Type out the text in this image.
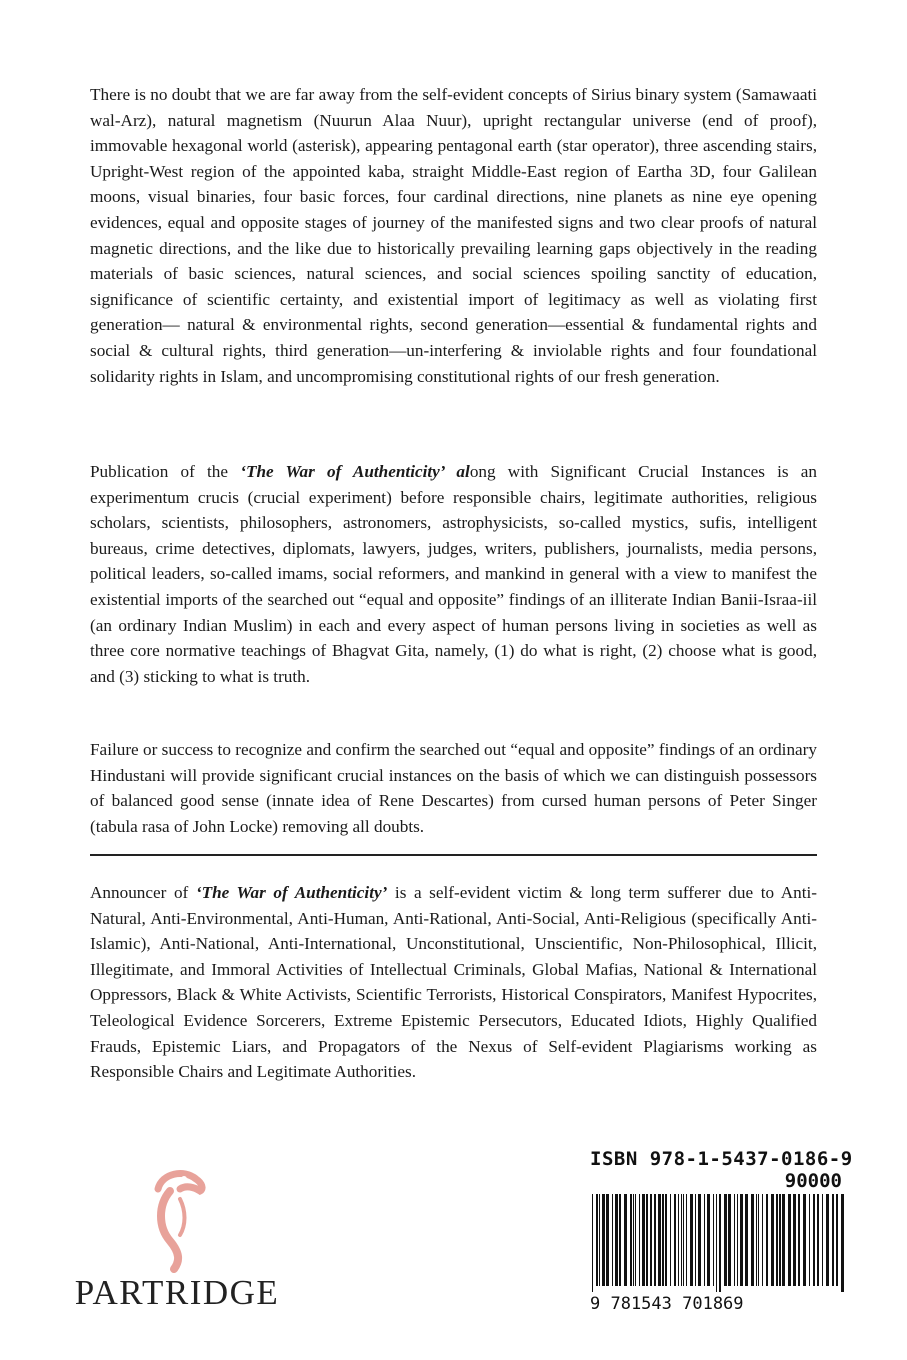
There is no doubt that we are far away from the self-evident concepts of Sirius binary system (Samawaati wal-Arz), natural magnetism (Nuurun Alaa Nuur), upright rectangular universe (end of proof), immovable hexagonal world (asterisk), appearing pentagonal earth (star operator), three ascending stairs, Upright-West region of the appointed kaba, straight Middle-East region of Eartha 3D, four Galilean moons, visual binaries, four basic forces, four cardinal directions, nine planets as nine eye opening evidences, equal and opposite stages of journey of the manifested signs and two clear proofs of natural magnetic directions, and the like due to historically prevailing learning gaps objectively in the reading materials of basic sciences, natural sciences, and social sciences spoiling sanctity of education, significance of scientific certainty, and existential import of legitimacy as well as violating first generation— natural & environmental rights, second generation—essential & fundamental rights and social & cultural rights, third generation—un-interfering & inviolable rights and four foundational solidarity rights in Islam, and uncompromising constitutional rights of our fresh generation.

Publication of the ‘The War of Authenticity’ along with Significant Crucial Instances is an experimentum crucis (crucial experiment) before responsible chairs, legitimate authorities, religious scholars, scientists, philosophers, astronomers, astrophysicists, so-called mystics, sufis, intelligent bureaus, crime detectives, diplomats, lawyers, judges, writers, publishers, journalists, media persons, political leaders, so-called imams, social reformers, and mankind in general with a view to manifest the existential imports of the searched out “equal and opposite” findings of an illiterate Indian Banii-Israa-iil (an ordinary Indian Muslim) in each and every aspect of human persons living in societies as well as three core normative teachings of Bhagvat Gita, namely, (1) do what is right, (2) choose what is good, and (3) sticking to what is truth.

Failure or success to recognize and confirm the searched out “equal and opposite” findings of an ordinary Hindustani will provide significant crucial instances on the basis of which we can distinguish possessors of balanced good sense (innate idea of Rene Descartes) from cursed human persons of Peter Singer (tabula rasa of John Locke) removing all doubts.

Announcer of ‘The War of Authenticity’ is a self-evident victim & long term sufferer due to Anti-Natural, Anti-Environmental, Anti-Human, Anti-Rational, Anti-Social, Anti-Religious (specifically Anti-Islamic), Anti-National, Anti-International, Unconstitutional, Unscientific, Non-Philosophical, Illicit, Illegitimate, and Immoral Activities of Intellectual Criminals, Global Mafias, National & International Oppressors, Black & White Activists, Scientific Terrorists, Historical Conspirators, Manifest Hypocrites, Teleological Evidence Sorcerers, Extreme Epistemic Persecutors, Educated Idiots, Highly Qualified Frauds, Epistemic Liars, and Propagators of the Nexus of Self-evident Plagiarisms working as Responsible Chairs and Legitimate Authorities.

PARTRIDGE
ISBN 978-1-5437-0186-9
90000
9 781543 701869
